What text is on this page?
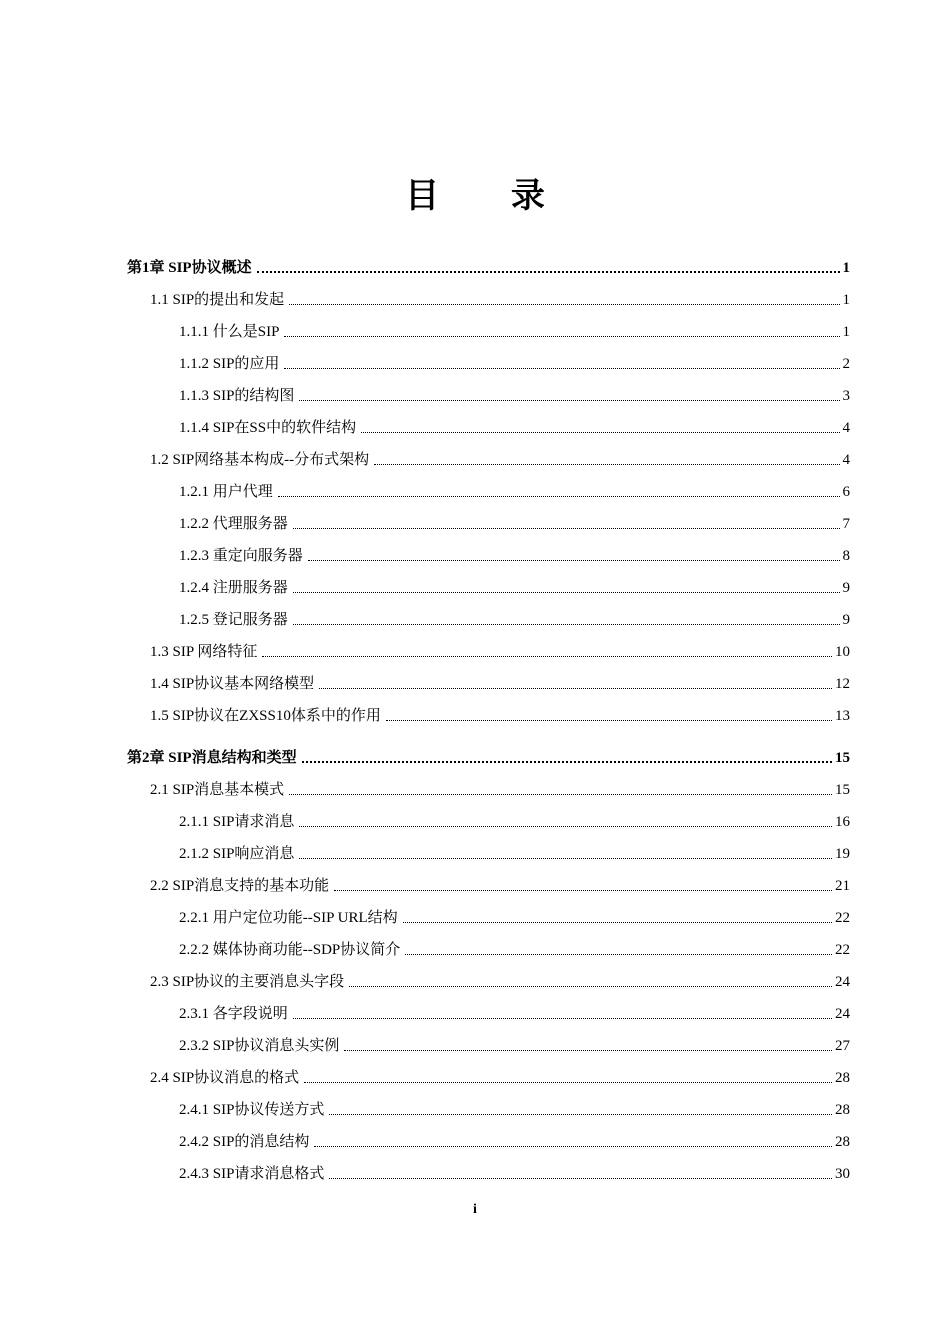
目 录
第1章 SIP协议概述	1
1.1 SIP的提出和发起	1
1.1.1 什么是SIP	1
1.1.2 SIP的应用	2
1.1.3 SIP的结构图	3
1.1.4 SIP在SS中的软件结构	4
1.2 SIP网络基本构成--分布式架构	4
1.2.1 用户代理	6
1.2.2 代理服务器	7
1.2.3 重定向服务器	8
1.2.4 注册服务器	9
1.2.5 登记服务器	9
1.3 SIP 网络特征	10
1.4 SIP协议基本网络模型	12
1.5 SIP协议在ZXSS10体系中的作用	13
第2章 SIP消息结构和类型	15
2.1 SIP消息基本模式	15
2.1.1 SIP请求消息	16
2.1.2 SIP响应消息	19
2.2 SIP消息支持的基本功能	21
2.2.1 用户定位功能--SIP URL结构	22
2.2.2 媒体协商功能--SDP协议简介	22
2.3 SIP协议的主要消息头字段	24
2.3.1 各字段说明	24
2.3.2 SIP协议消息头实例	27
2.4 SIP协议消息的格式	28
2.4.1 SIP协议传送方式	28
2.4.2 SIP的消息结构	28
2.4.3 SIP请求消息格式	30
i
